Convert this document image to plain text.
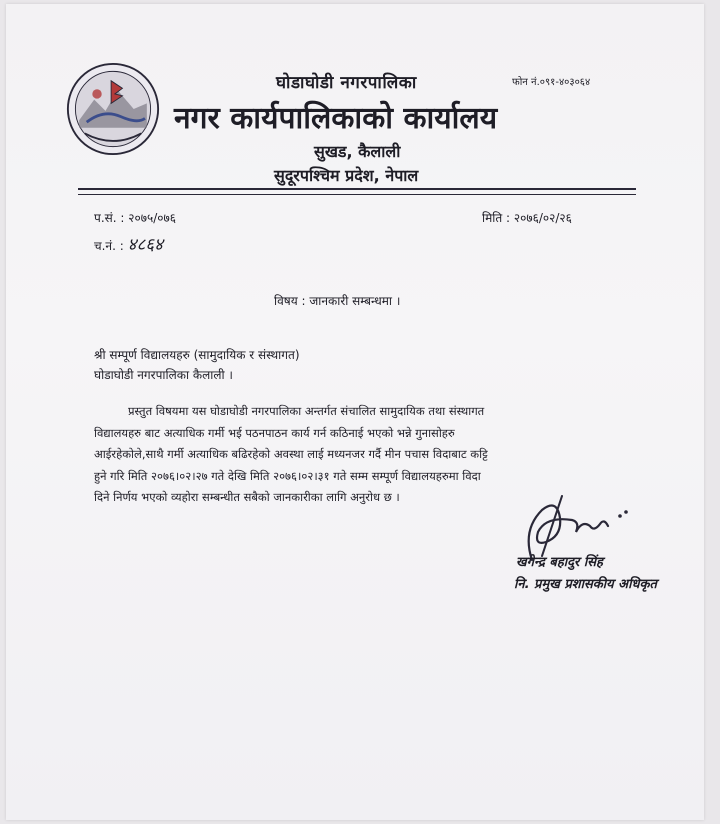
घोडाघोडी नगरपालिका
नगर कार्यपालिकाको कार्यालय
सुखड, कैलाली
सुदूरपश्चिम प्रदेश, नेपाल
फोन नं.०९१-४०३०६४
प.सं. : २०७५/०७६
च.नं. : ४८६४
मिति : २०७६/०२/२६
विषय : जानकारी सम्बन्धमा ।
श्री सम्पूर्ण विद्यालयहरु (सामुदायिक र संस्थागत)
घोडाघोडी नगरपालिका कैलाली ।
प्रस्तुत विषयमा यस घोडाघोडी नगरपालिका अन्तर्गत संचालित सामुदायिक तथा संस्थागत
विद्यालयहरु बाट अत्याधिक गर्मी भई पठनपाठन कार्य गर्न कठिनाई भएको भन्ने गुनासोहरु
आईरहेकोले,साथै गर्मी अत्याधिक बढिरहेको अवस्था लाई मध्यनजर गर्दै मीन पचास विदाबाट कट्टि
हुने गरि मिति २०७६।०२।२७ गते देखि मिति २०७६।०२।३१ गते सम्म सम्पूर्ण विद्यालयहरुमा विदा
दिने निर्णय भएको व्यहोरा सम्बन्धीत सबैको जानकारीका लागि अनुरोध छ ।
खगेन्द्र बहादुर सिंह
नि. प्रमुख प्रशासकीय अधिकृत
